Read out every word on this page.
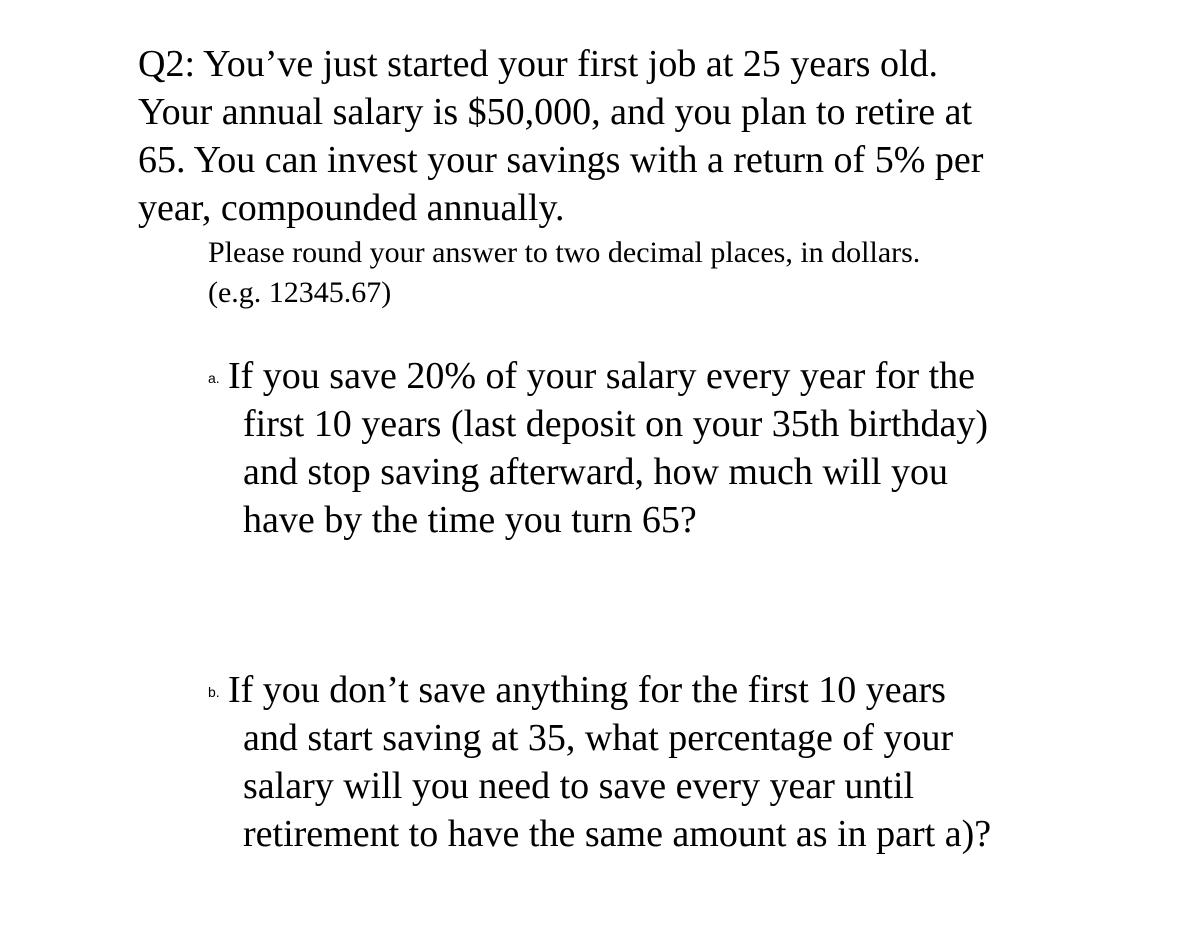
Q2: You’ve just started your first job at 25 years old.
Your annual salary is $50,000, and you plan to retire at
65. You can invest your savings with a return of 5% per
year, compounded annually.
Please round your answer to two decimal places, in dollars.
(e.g. 12345.67)
a. If you save 20% of your salary every year for the
first 10 years (last deposit on your 35th birthday)
and stop saving afterward, how much will you
have by the time you turn 65?
b. If you don’t save anything for the first 10 years
and start saving at 35, what percentage of your
salary will you need to save every year until
retirement to have the same amount as in part a)?
